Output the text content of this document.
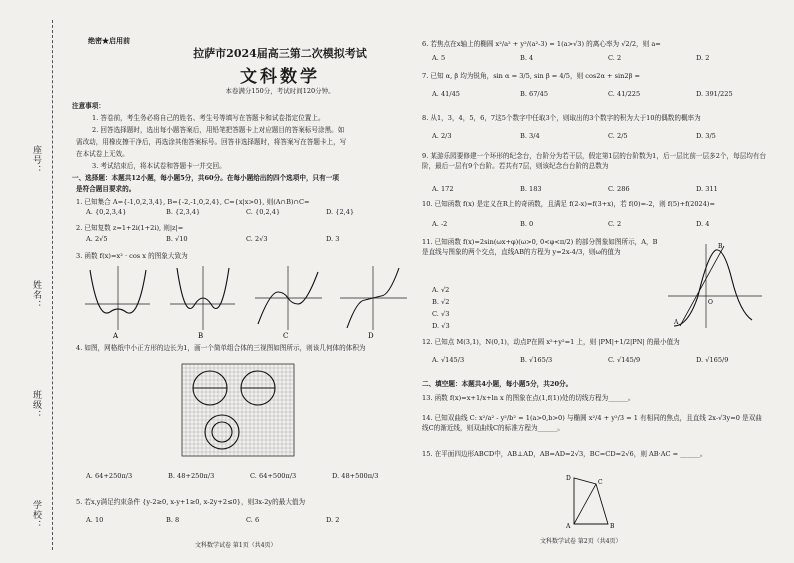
座号：
姓名：
班级：
学校：
绝密★启用前
拉萨市2024届高三第二次模拟考试
文科数学
本卷满分150分，考试时间120分钟。
注意事项：
1. 答卷前，考生务必将自己的姓名、考生号等填写在答题卡和试卷指定位置上。
2. 回答选择题时，选出每小题答案后，用铅笔把答题卡上对应题目的答案标号涂黑。如
需改动，用橡皮擦干净后，再选涂其他答案标号。回答非选择题时，将答案写在答题卡上，写
在本试卷上无效。
3. 考试结束后，将本试卷和答题卡一并交回。
一、选择题：本题共12小题，每小题5分，共60分。在每小题给出的四个选项中，只有一项
是符合题目要求的。
1. 已知集合 A={-1,0,2,3,4}, B={-2,-1,0,2,4}, C={x|x>0}, 则(A∩B)∩C=
A. {0,2,3,4}	B. {2,3,4}	C. {0,2,4}	D. {2,4}
2. 已知复数 z=1+2i(1+2i), 则|z|=
A. 2√5	B. √10	C. 2√3	D. 3
3. 函数 f(x)=x² · cos x 的图象大致为
A	B	C	D
4. 如图，网格纸中小正方形的边长为1，画一个简单组合体的三视图如图所示，则该几何体的体积为
A. 64+250π/3	B. 48+250π/3	C. 64+500π/3	D. 48+500π/3
5. 若x,y满足约束条件 {y-2≥0, x-y+1≥0, x-2y+2≤0}，则3x-2y的最大值为
A. 10	B. 8	C. 6	D. 2
文科数学试卷 第1页（共4页）
6. 若焦点在x轴上的椭圆 x²/a² + y²/(a²-3) = 1(a>√3) 的离心率为 √2/2，则 a=
A. 5	B. 4	C. 2	D. 2
7. 已知 α, β 均为锐角，sin α = 3/5, sin β = 4/5，则 cos2α + sin2β =
A. 41/45	B. 67/45	C. 41/225	D. 391/225
8. 从1，3，4，5，6，7这5个数字中任取3个，则取出的3个数字的积为大于10的偶数的概率为
A. 2/3	B. 3/4	C. 2/5	D. 3/5
9. 某游乐园要修建一个环形的纪念台，台阶分为若干层，假定第1层的台阶数为1，后一层比前一层多2个，每层均有台阶，最后一层有9个台阶。若共有7层，则该纪念台台阶的总数为
A. 172	B. 183	C. 286	D. 311
10. 已知函数 f(x) 是定义在R上的奇函数，且满足 f(2-x)=f(3+x)，若 f(0)=-2，则 f(5)+f(2024)=
A. -2	B. 0	C. 2	D. 4
11. 已知函数 f(x)=2sin(ωx+φ)(ω>0, 0<φ<π/2) 的部分图象如图所示，A，B 是直线与图象的两个交点，直线AB的方程为 y=2x-4/3，则ω的值为
A. √2
B. √2
C. √3
D. √3
O
A
B
12. 已知点 M(3,1)，N(0,1)，动点P在圆 x²+y²=1 上，则 |PM|+1/2|PN| 的最小值为
A. √145/3	B. √165/3	C. √145/9	D. √165/9
二、填空题：本题共4小题，每小题5分，共20分。
13. 函数 f(x)=x+1/x+ln x 的图象在点(1,f(1))处的切线方程为______。
14. 已知双曲线 C: x²/a² - y²/b² = 1(a>0,b>0) 与椭圆 x²/4 + y²/3 = 1 有相同的焦点，且直线 2x-√3y=0 是双曲线C的渐近线，则双曲线C的标准方程为______。
15. 在平面四边形ABCD中，AB⊥AD，AB=AD=2√3，BC=CD=2√6，则 AB·AC = ______。
D
A	B
C
文科数学试卷 第2页（共4页）
